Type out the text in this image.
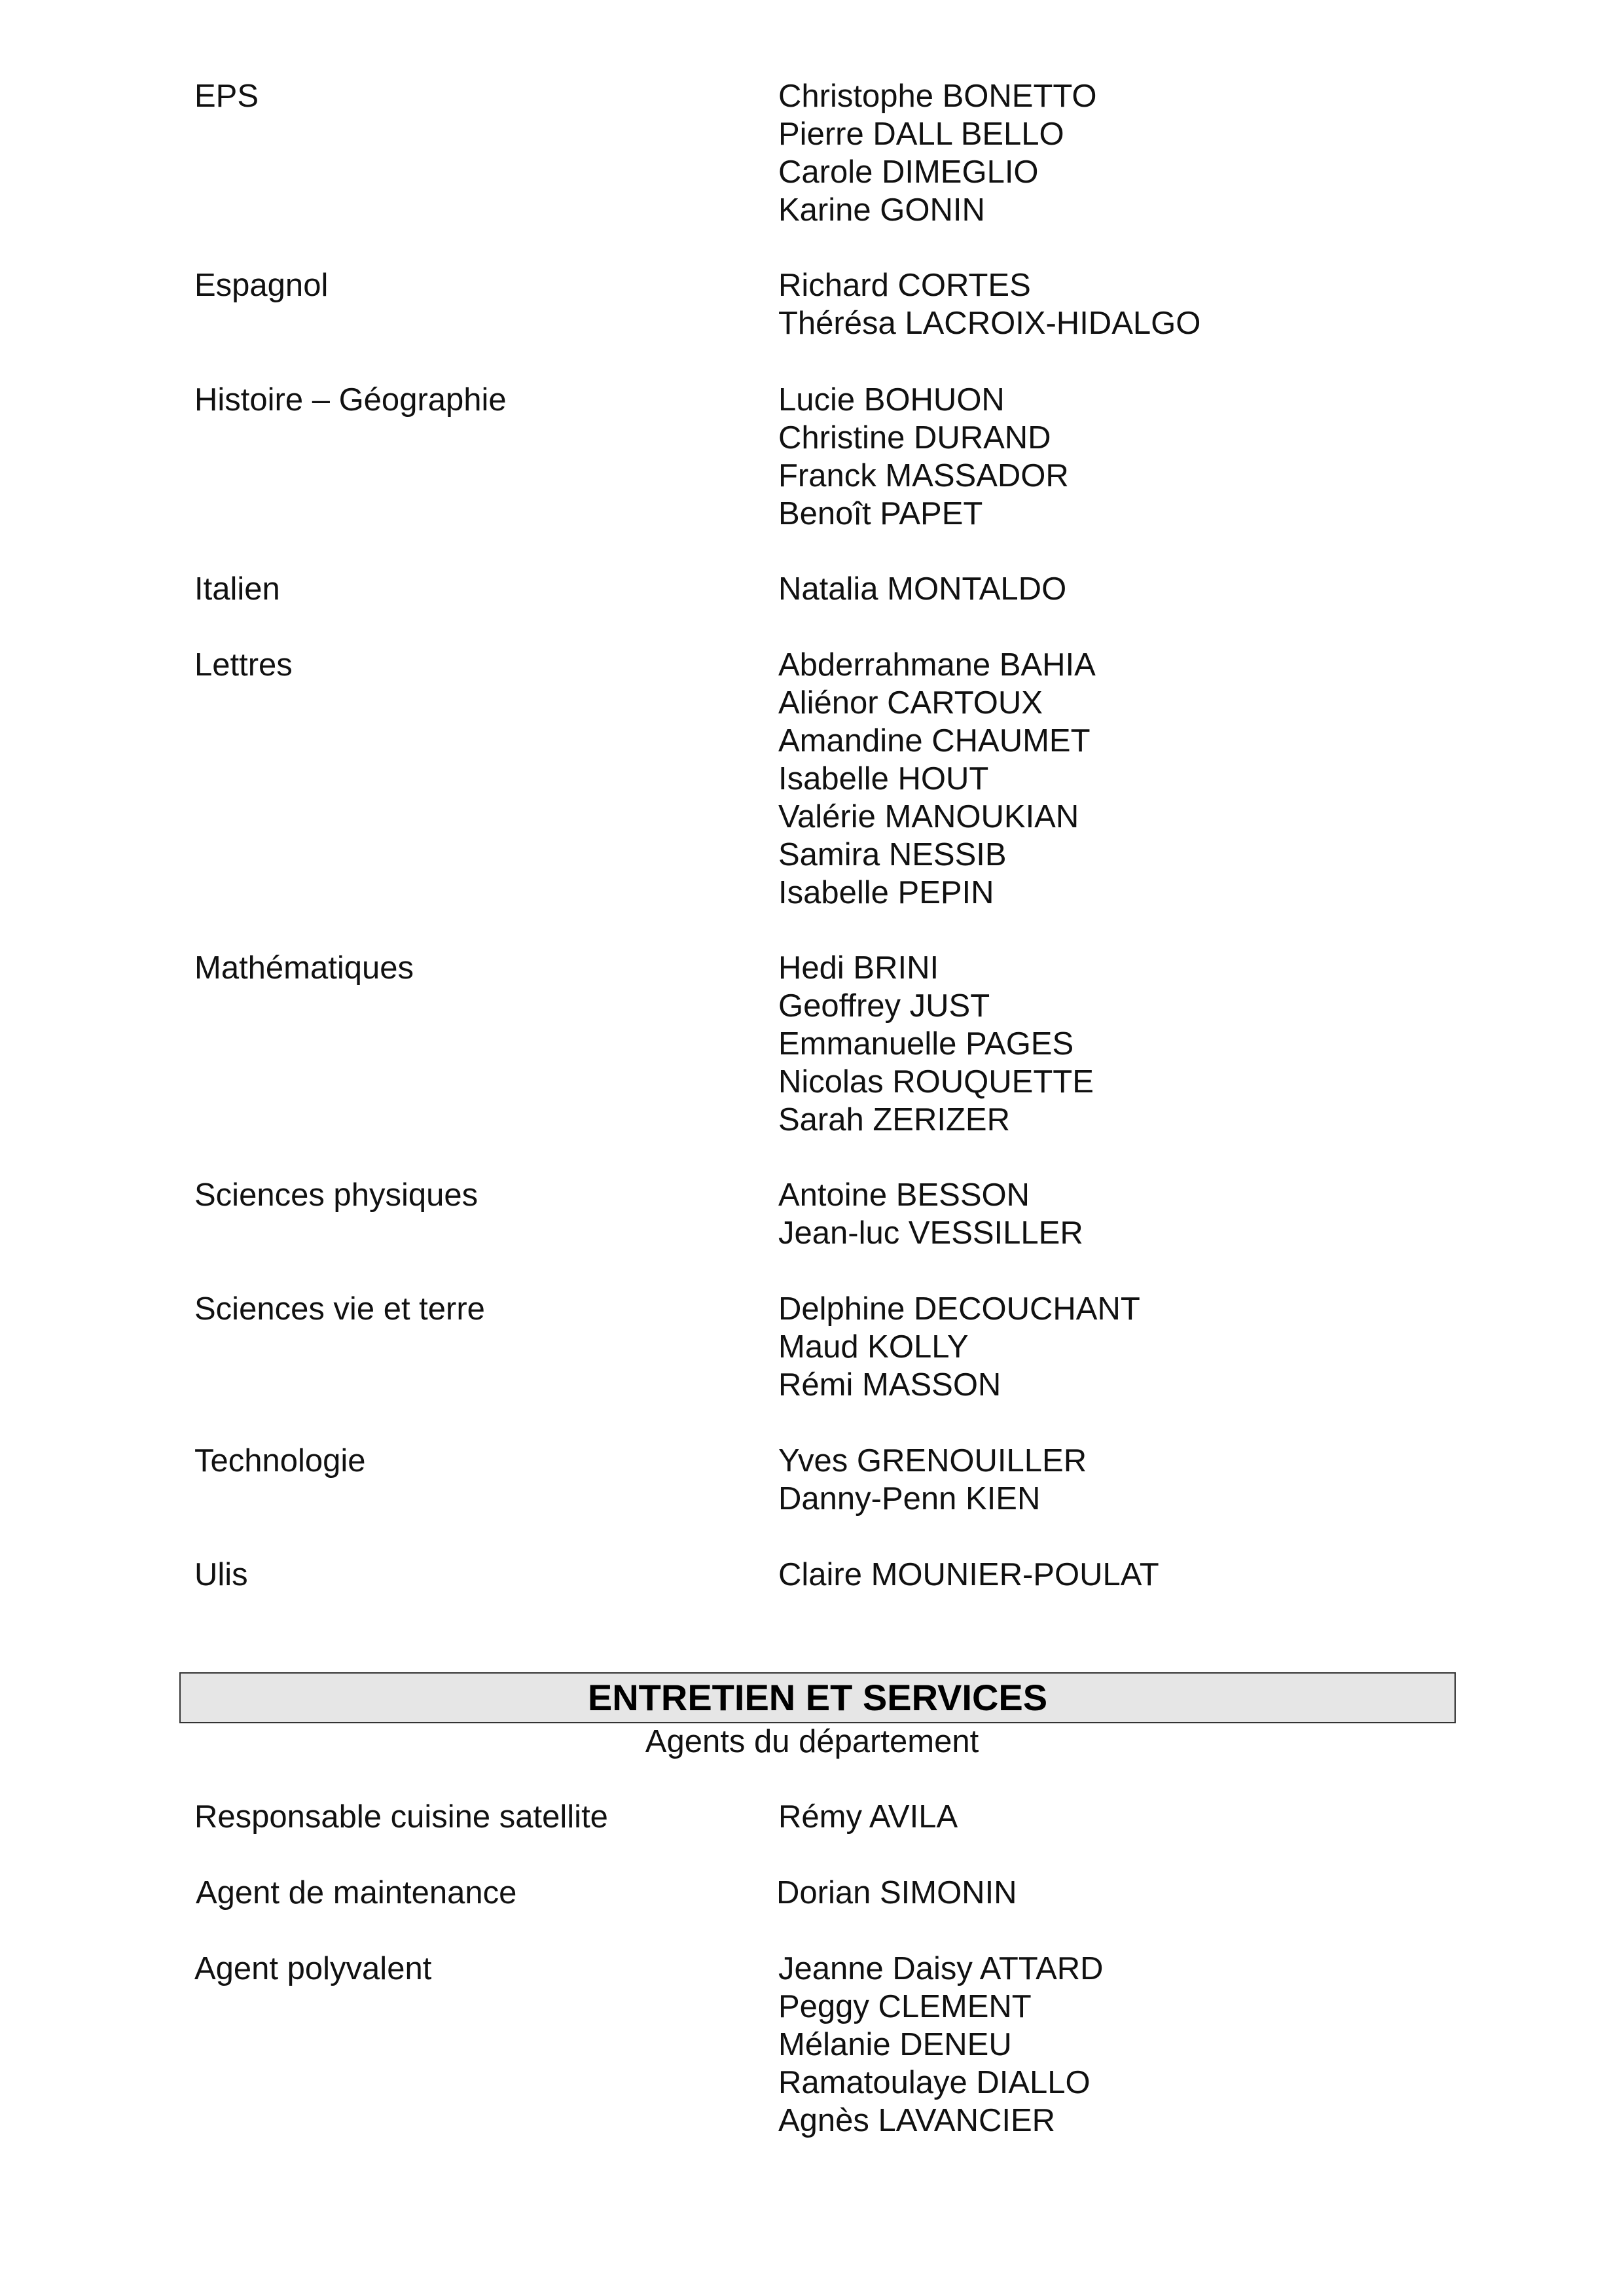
EPS	Christophe BONETTO
Pierre DALL BELLO
Carole DIMEGLIO
Karine GONIN
Espagnol	Richard CORTES
Thérésa LACROIX-HIDALGO
Histoire – Géographie	Lucie BOHUON
Christine DURAND
Franck MASSADOR
Benoît PAPET
Italien	Natalia MONTALDO
Lettres	Abderrahmane BAHIA
Aliénor CARTOUX
Amandine CHAUMET
Isabelle HOUT
Valérie MANOUKIAN
Samira NESSIB
Isabelle PEPIN
Mathématiques	Hedi BRINI
Geoffrey JUST
Emmanuelle PAGES
Nicolas ROUQUETTE
Sarah ZERIZER
Sciences physiques	Antoine BESSON
Jean-luc VESSILLER
Sciences vie et terre	Delphine DECOUCHANT
Maud KOLLY
Rémi MASSON
Technologie	Yves GRENOUILLER
Danny-Penn KIEN
Ulis	Claire MOUNIER-POULAT
ENTRETIEN ET SERVICES
Agents du département
Responsable cuisine satellite	Rémy AVILA
Agent de maintenance	Dorian SIMONIN
Agent polyvalent	Jeanne Daisy ATTARD
Peggy CLEMENT
Mélanie DENEU
Ramatoulaye DIALLO
Agnès LAVANCIER
